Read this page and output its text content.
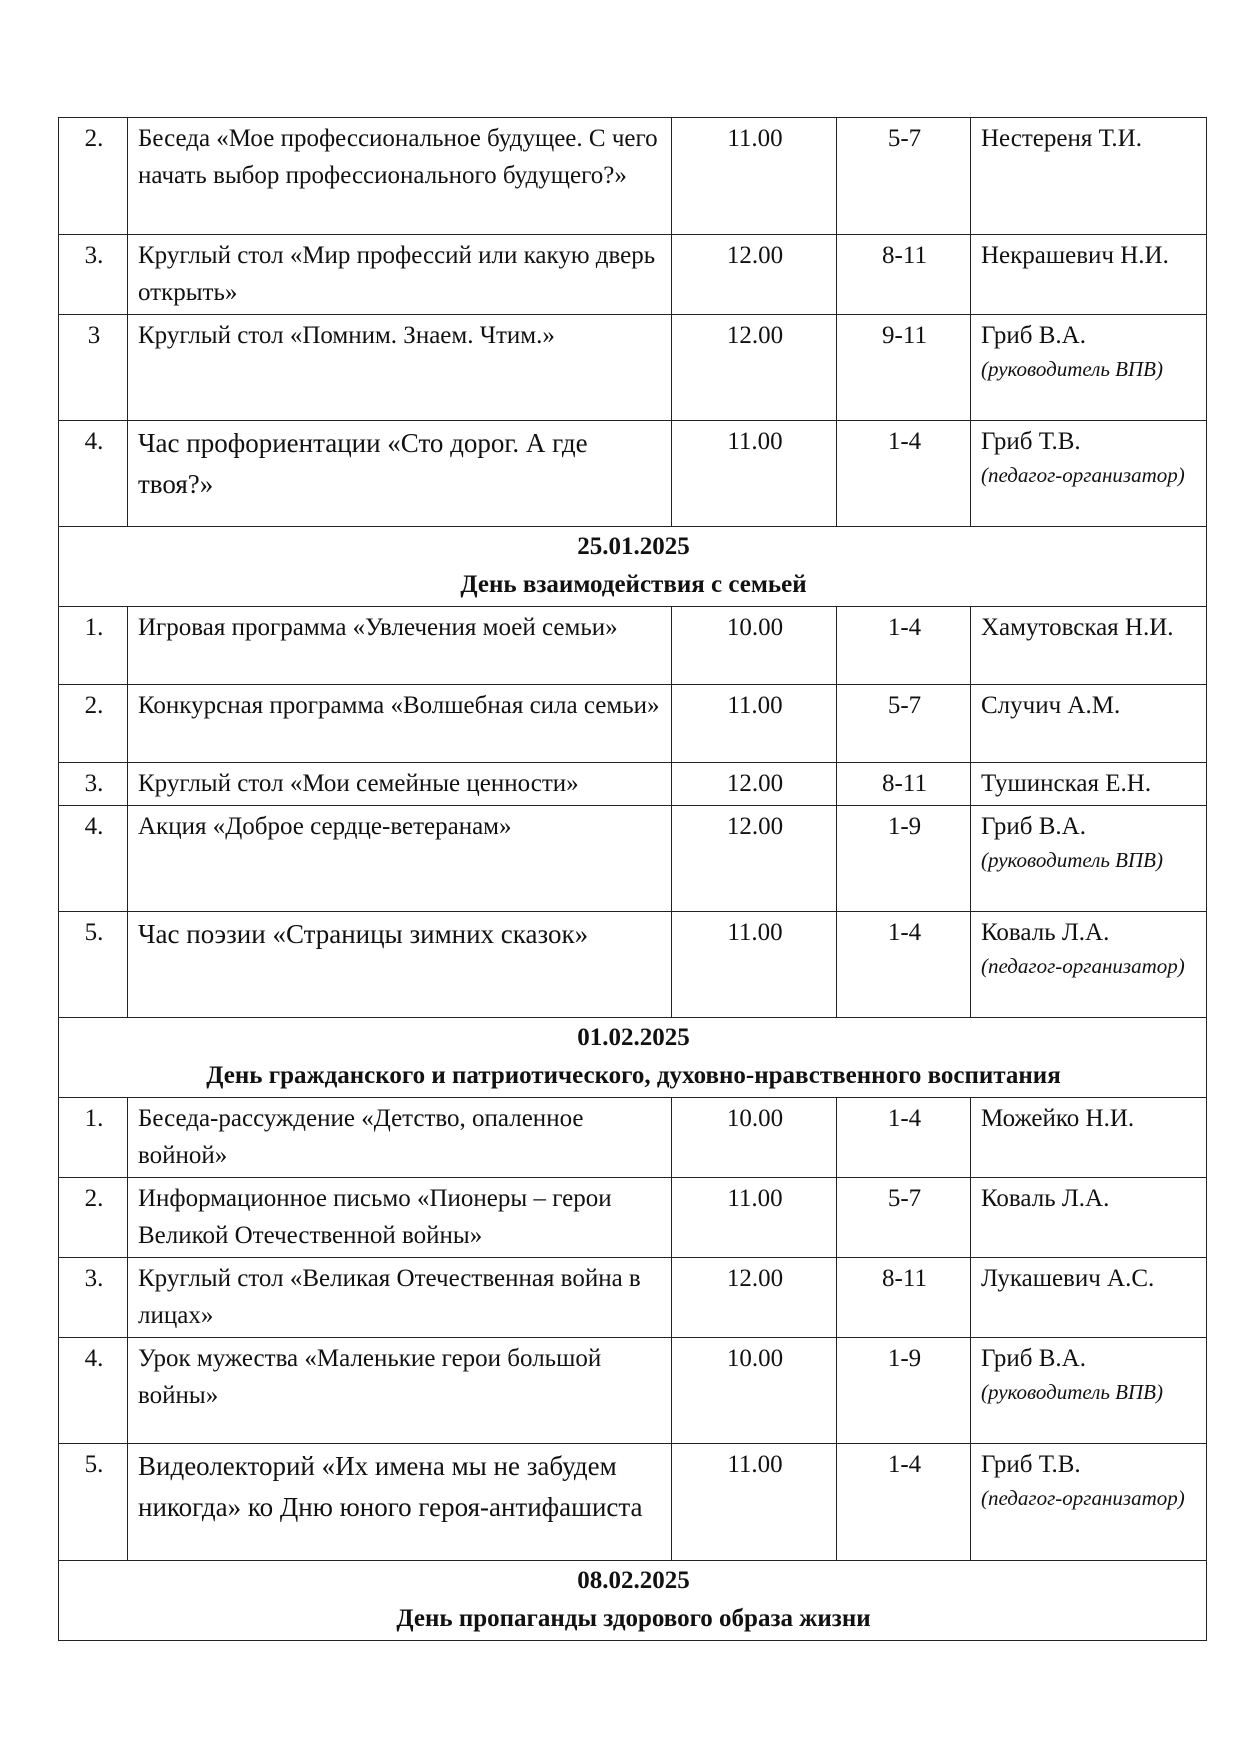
2.	Беседа «Мое профессиональное будущее. С чего начать выбор профессионального будущего?»	11.00	5-7	Нестереня Т.И.

3.	Круглый стол «Мир профессий или какую дверь открыть»	12.00	8-11	Некрашевич Н.И.

3	Круглый стол «Помним. Знаем. Чтим.»	12.00	9-11	Гриб В.А.
(руководитель ВПВ)

4.	Час профориентации «Сто дорог. А где твоя?»	11.00	1-4	Гриб Т.В.
(педагог-организатор)

25.01.2025
День взаимодействия с семьей				

1.	Игровая программа «Увлечения моей семьи»	10.00	1-4	Хамутовская Н.И.

2.	Конкурсная программа «Волшебная сила семьи»	11.00	5-7	Случич А.М.

3.	Круглый стол «Мои семейные ценности»	12.00	8-11	Тушинская Е.Н.

4.	Акция «Доброе сердце-ветеранам»	12.00	1-9	Гриб В.А.
(руководитель ВПВ)

5.	Час поэзии «Страницы зимних сказок»	11.00	1-4	Коваль Л.А.
(педагог-организатор)

01.02.2025
День гражданского и патриотического, духовно-нравственного воспитания				

1.	Беседа-рассуждение «Детство, опаленное войной»	10.00	1-4	Можейко Н.И.

2.	Информационное письмо «Пионеры – герои Великой Отечественной войны»	11.00	5-7	Коваль Л.А.

3.	Круглый стол «Великая Отечественная война в лицах»	12.00	8-11	Лукашевич А.С.

4.	Урок мужества «Маленькие герои большой войны»	10.00	1-9	Гриб В.А.
(руководитель ВПВ)

5.	Видеолекторий «Их имена мы не забудем никогда» ко Дню юного героя-антифашиста	11.00	1-4	Гриб Т.В.
(педагог-организатор)

08.02.2025
День пропаганды здорового образа жизни				
